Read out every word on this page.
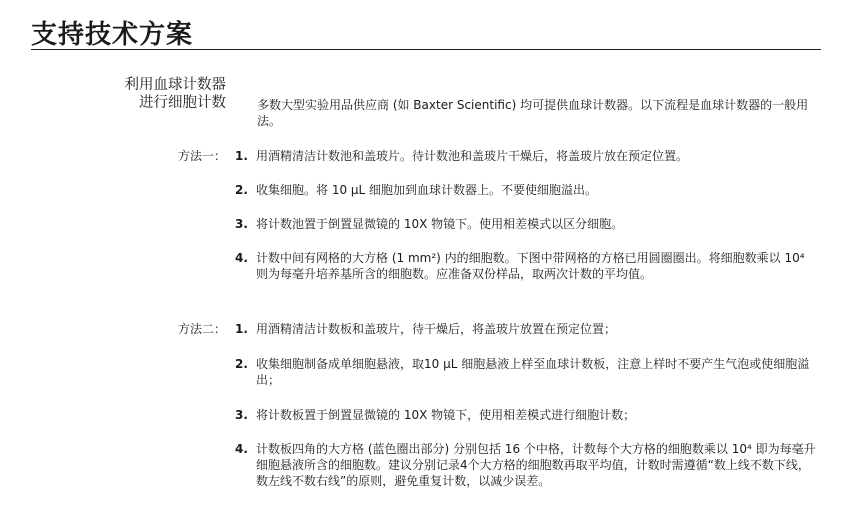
支持技术方案
利用血球计数器
进行细胞计数	多数大型实验用品供应商 (如 Baxter Scientific) 均可提供血球计数器。以下流程是血球计数器的一般用法。
方法一： 1. 用酒精清洁计数池和盖玻片。待计数池和盖玻片干燥后，将盖玻片放在预定位置。
2. 收集细胞。将 10 μL 细胞加到血球计数器上。不要使细胞溢出。
3. 将计数池置于倒置显微镜的 10X 物镜下。使用相差模式以区分细胞。
4. 计数中间有网格的大方格 (1 mm²) 内的细胞数。下图中带网格的方格已用圆圈圈出。将细胞数乘以 10⁴ 则为每毫升培养基所含的细胞数。应准备双份样品，取两次计数的平均值。
方法二： 1. 用酒精清洁计数板和盖玻片，待干燥后，将盖玻片放置在预定位置；
2. 收集细胞制备成单细胞悬液，取10 μL 细胞悬液上样至血球计数板，注意上样时不要产生气泡或使细胞溢出；
3. 将计数板置于倒置显微镜的 10X 物镜下，使用相差模式进行细胞计数；
4. 计数板四角的大方格 (蓝色圈出部分) 分别包括 16 个中格，计数每个大方格的细胞数乘以 10⁴ 即为每毫升细胞悬液所含的细胞数。建议分别记录4个大方格的细胞数再取平均值，计数时需遵循“数上线不数下线，数左线不数右线”的原则，避免重复计数，以减少误差。
